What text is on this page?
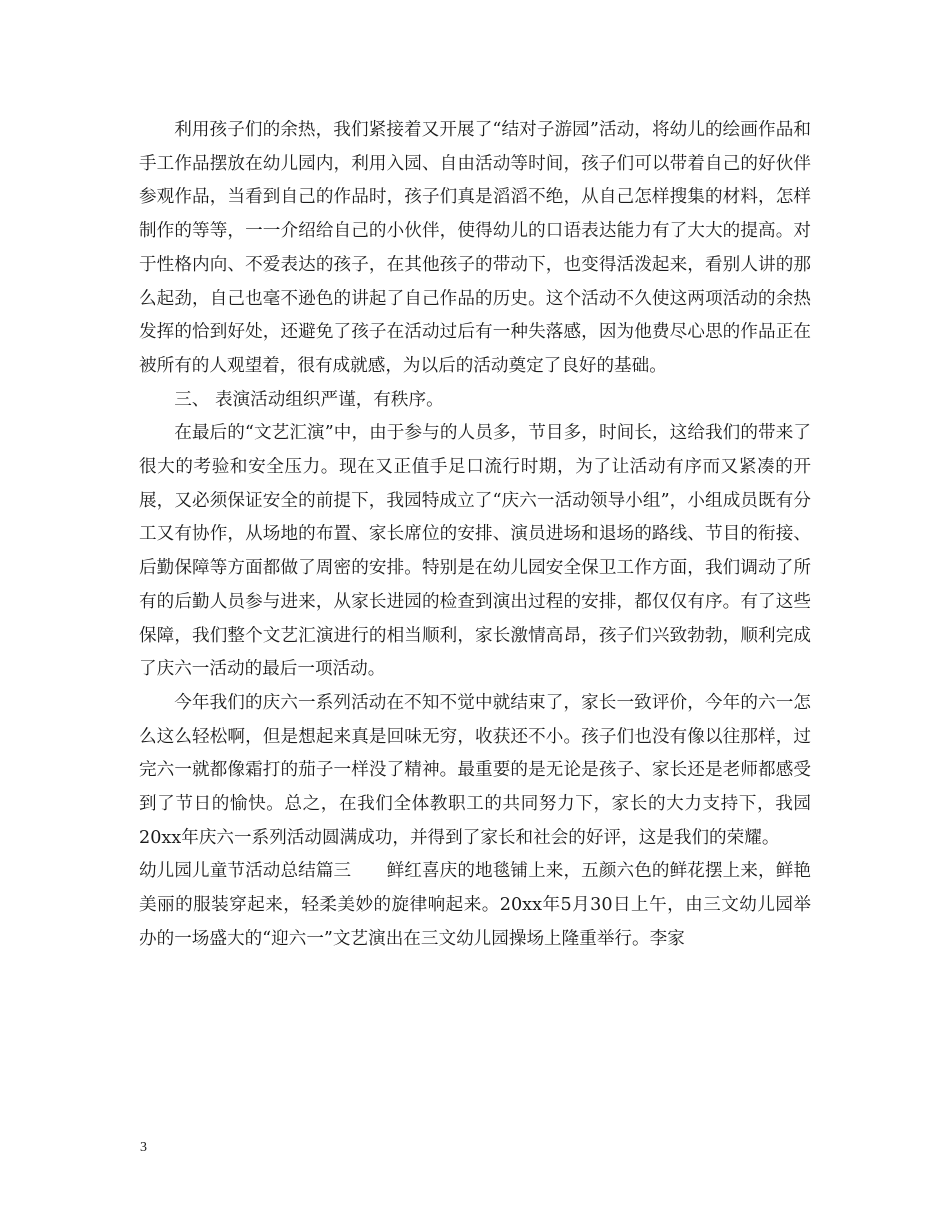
利用孩子们的余热，我们紧接着又开展了“结对子游园”活动，将幼儿的绘画作品和手工作品摆放在幼儿园内，利用入园、自由活动等时间，孩子们可以带着自己的好伙伴参观作品，当看到自己的作品时，孩子们真是滔滔不绝，从自己怎样搜集的材料，怎样制作的等等，一一介绍给自己的小伙伴，使得幼儿的口语表达能力有了大大的提高。对于性格内向、不爱表达的孩子，在其他孩子的带动下，也变得活泼起来，看别人讲的那么起劲，自己也毫不逊色的讲起了自己作品的历史。这个活动不久使这两项活动的余热发挥的恰到好处，还避免了孩子在活动过后有一种失落感，因为他费尽心思的作品正在被所有的人观望着，很有成就感，为以后的活动奠定了良好的基础。

三、 表演活动组织严谨，有秩序。

在最后的“文艺汇演”中，由于参与的人员多，节目多，时间长，这给我们的带来了很大的考验和安全压力。现在又正值手足口流行时期，为了让活动有序而又紧凑的开展，又必须保证安全的前提下，我园特成立了“庆六一活动领导小组”，小组成员既有分工又有协作，从场地的布置、家长席位的安排、演员进场和退场的路线、节目的衔接、后勤保障等方面都做了周密的安排。特别是在幼儿园安全保卫工作方面，我们调动了所有的后勤人员参与进来，从家长进园的检查到演出过程的安排，都仅仅有序。有了这些保障，我们整个文艺汇演进行的相当顺利，家长激情高昂，孩子们兴致勃勃，顺利完成了庆六一活动的最后一项活动。

今年我们的庆六一系列活动在不知不觉中就结束了，家长一致评价，今年的六一怎么这么轻松啊，但是想起来真是回味无穷，收获还不小。孩子们也没有像以往那样，过完六一就都像霜打的茄子一样没了精神。最重要的是无论是孩子、家长还是老师都感受到了节日的愉快。总之，在我们全体教职工的共同努力下，家长的大力支持下，我园20xx年庆六一系列活动圆满成功，并得到了家长和社会的好评，这是我们的荣耀。

幼儿园儿童节活动总结篇三　　鲜红喜庆的地毯铺上来，五颜六色的鲜花摆上来，鲜艳美丽的服装穿起来，轻柔美妙的旋律响起来。20xx年5月30日上午，由三文幼儿园举办的一场盛大的“迎六一”文艺演出在三文幼儿园操场上隆重举行。李家

3
